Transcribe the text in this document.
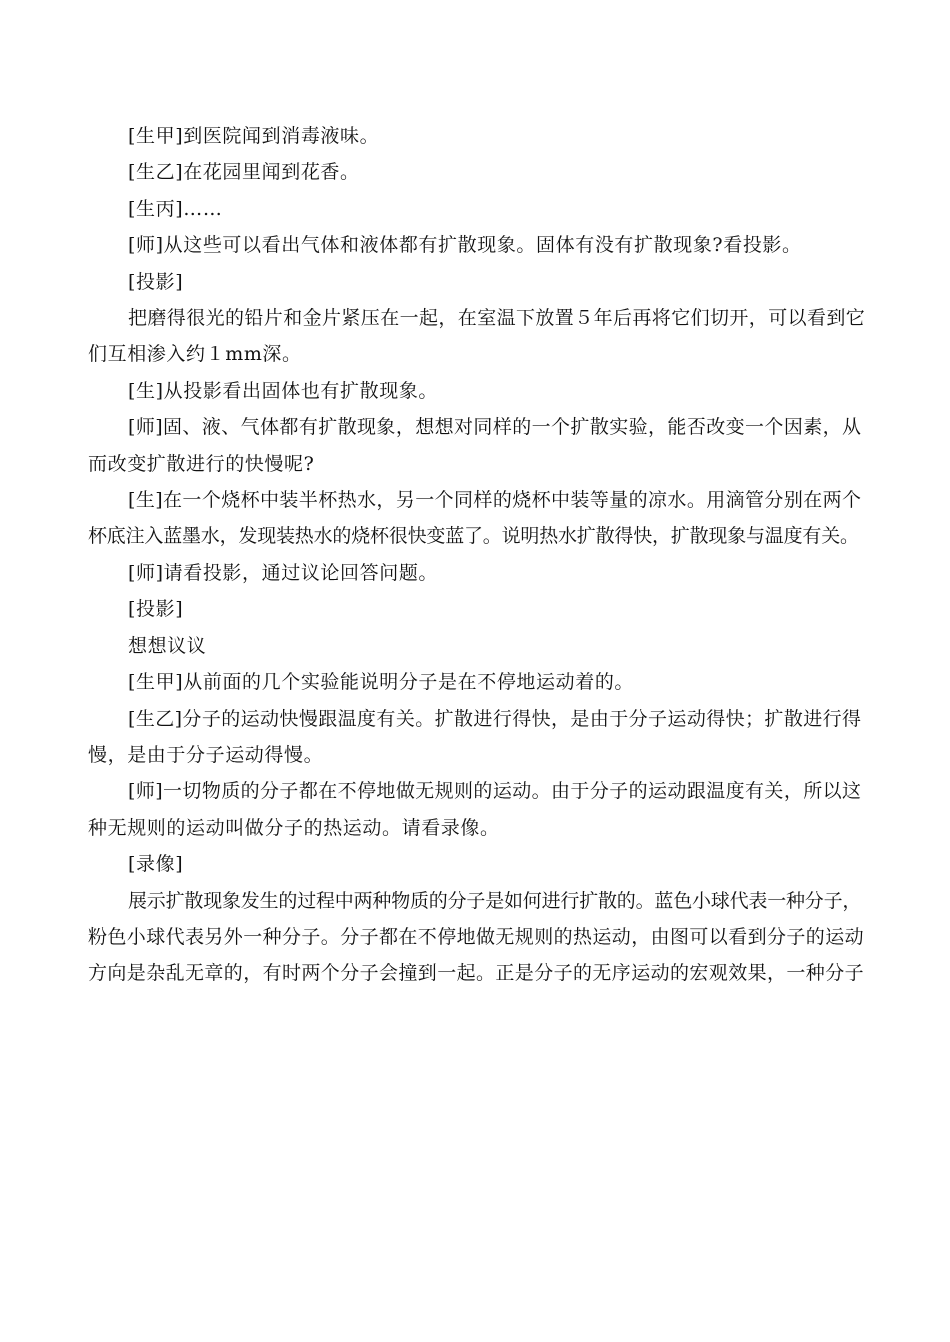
[生甲]到医院闻到消毒液味。

[生乙]在花园里闻到花香。

[生丙]……

[师]从这些可以看出气体和液体都有扩散现象。固体有没有扩散现象?看投影。

[投影]

把磨得很光的铅片和金片紧压在一起，在室温下放置５年后再将它们切开，可以看到它

们互相渗入约１mm深。

[生]从投影看出固体也有扩散现象。

[师]固、液、气体都有扩散现象，想想对同样的一个扩散实验，能否改变一个因素，从

而改变扩散进行的快慢呢?

[生]在一个烧杯中装半杯热水，另一个同样的烧杯中装等量的凉水。用滴管分别在两个

杯底注入蓝墨水，发现装热水的烧杯很快变蓝了。说明热水扩散得快，扩散现象与温度有关。

[师]请看投影，通过议论回答问题。

[投影]

想想议议

[生甲]从前面的几个实验能说明分子是在不停地运动着的。

[生乙]分子的运动快慢跟温度有关。扩散进行得快，是由于分子运动得快；扩散进行得

慢，是由于分子运动得慢。

[师]一切物质的分子都在不停地做无规则的运动。由于分子的运动跟温度有关，所以这

种无规则的运动叫做分子的热运动。请看录像。

[录像]

展示扩散现象发生的过程中两种物质的分子是如何进行扩散的。蓝色小球代表一种分子，

粉色小球代表另外一种分子。分子都在不停地做无规则的热运动，由图可以看到分子的运动

方向是杂乱无章的，有时两个分子会撞到一起。正是分子的无序运动的宏观效果，一种分子
